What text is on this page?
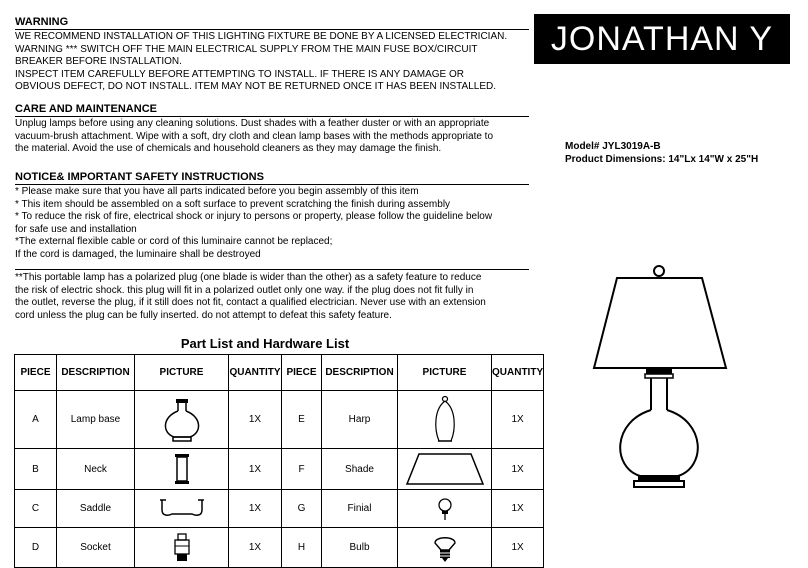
WARNING
WE RECOMMEND INSTALLATION OF THIS LIGHTING FIXTURE BE DONE BY A LICENSED ELECTRICIAN.
WARNING *** SWITCH OFF THE MAIN ELECTRICAL SUPPLY FROM THE MAIN FUSE BOX/CIRCUIT
BREAKER BEFORE INSTALLATION.
INSPECT ITEM CAREFULLY BEFORE ATTEMPTING TO INSTALL. IF THERE IS ANY DAMAGE OR
OBVIOUS DEFECT, DO NOT INSTALL. ITEM MAY NOT BE RETURNED ONCE IT HAS BEEN INSTALLED.
CARE AND MAINTENANCE
Unplug lamps before using any cleaning solutions. Dust shades with a feather duster or with an appropriate
vacuum-brush attachment. Wipe with a soft, dry cloth and clean lamp bases with the methods appropriate to
the material. Avoid the use of chemicals and household cleaners as they may damage the finish.
NOTICE& IMPORTANT SAFETY INSTRUCTIONS
* Please make sure that you have all parts indicated before you begin assembly of this item
* This item should be assembled on a soft surface to prevent scratching the finish during assembly
* To reduce the risk of fire, electrical shock or injury to persons or property, please follow the guideline below
for safe use and installation
*The external flexible cable or cord of this luminaire cannot be replaced;
If the cord is damaged, the luminaire shall be destroyed
**This portable lamp has a polarized plug (one blade is wider than the other) as a safety feature to reduce
the risk of electric shock. this plug will fit in a polarized outlet only one way. if the plug does not fit fully in
the outlet, reverse the plug, if it still does not fit, contact a qualified electrician. Never use with an extension
cord unless the plug can be fully inserted. do not attempt to defeat this safety feature.
JONATHAN Y
Model# JYL3019A-B
Product Dimensions: 14"Lx 14"W x 25"H
Part List and Hardware List
PIECE	DESCRIPTION	PICTURE	QUANTITY	PIECE	DESCRIPTION	PICTURE	QUANTITY
A	Lamp base		1X	E	Harp		1X
B	Neck		1X	F	Shade		1X
C	Saddle		1X	G	Finial		1X
D	Socket		1X	H	Bulb		1X
